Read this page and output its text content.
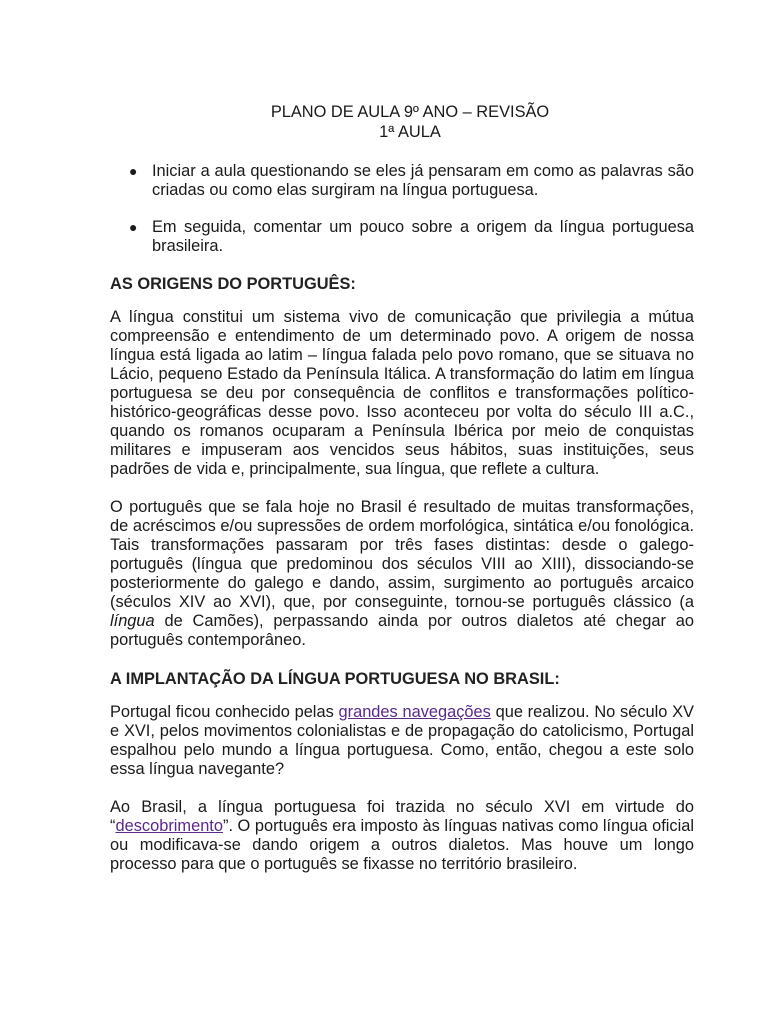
PLANO DE AULA 9º ANO – REVISÃO
1ª AULA
● Iniciar a aula questionando se eles já pensaram em como as palavras são criadas ou como elas surgiram na língua portuguesa.
● Em seguida, comentar um pouco sobre a origem da língua portuguesa brasileira.
AS ORIGENS DO PORTUGUÊS:

A língua constitui um sistema vivo de comunicação que privilegia a mútua compreensão e entendimento de um determinado povo. A origem de nossa língua está ligada ao latim – língua falada pelo povo romano, que se situava no Lácio, pequeno Estado da Península Itálica. A transformação do latim em língua portuguesa se deu por consequência de conflitos e transformações político-histórico-geográficas desse povo. Isso aconteceu por volta do século III a.C., quando os romanos ocuparam a Península Ibérica por meio de conquistas militares e impuseram aos vencidos seus hábitos, suas instituições, seus padrões de vida e, principalmente, sua língua, que reflete a cultura.

O português que se fala hoje no Brasil é resultado de muitas transformações, de acréscimos e/ou supressões de ordem morfológica, sintática e/ou fonológica. Tais transformações passaram por três fases distintas: desde o galego-português (língua que predominou dos séculos VIII ao XIII), dissociando-se posteriormente do galego e dando, assim, surgimento ao português arcaico (séculos XIV ao XVI), que, por conseguinte, tornou-se português clássico (a língua de Camões), perpassando ainda por outros dialetos até chegar ao português contemporâneo.

A IMPLANTAÇÃO DA LÍNGUA PORTUGUESA NO BRASIL:

Portugal ficou conhecido pelas grandes navegações que realizou. No século XV e XVI, pelos movimentos colonialistas e de propagação do catolicismo, Portugal espalhou pelo mundo a língua portuguesa. Como, então, chegou a este solo essa língua navegante?

Ao Brasil, a língua portuguesa foi trazida no século XVI em virtude do “descobrimento”. O português era imposto às línguas nativas como língua oficial ou modificava-se dando origem a outros dialetos. Mas houve um longo processo para que o português se fixasse no território brasileiro.
